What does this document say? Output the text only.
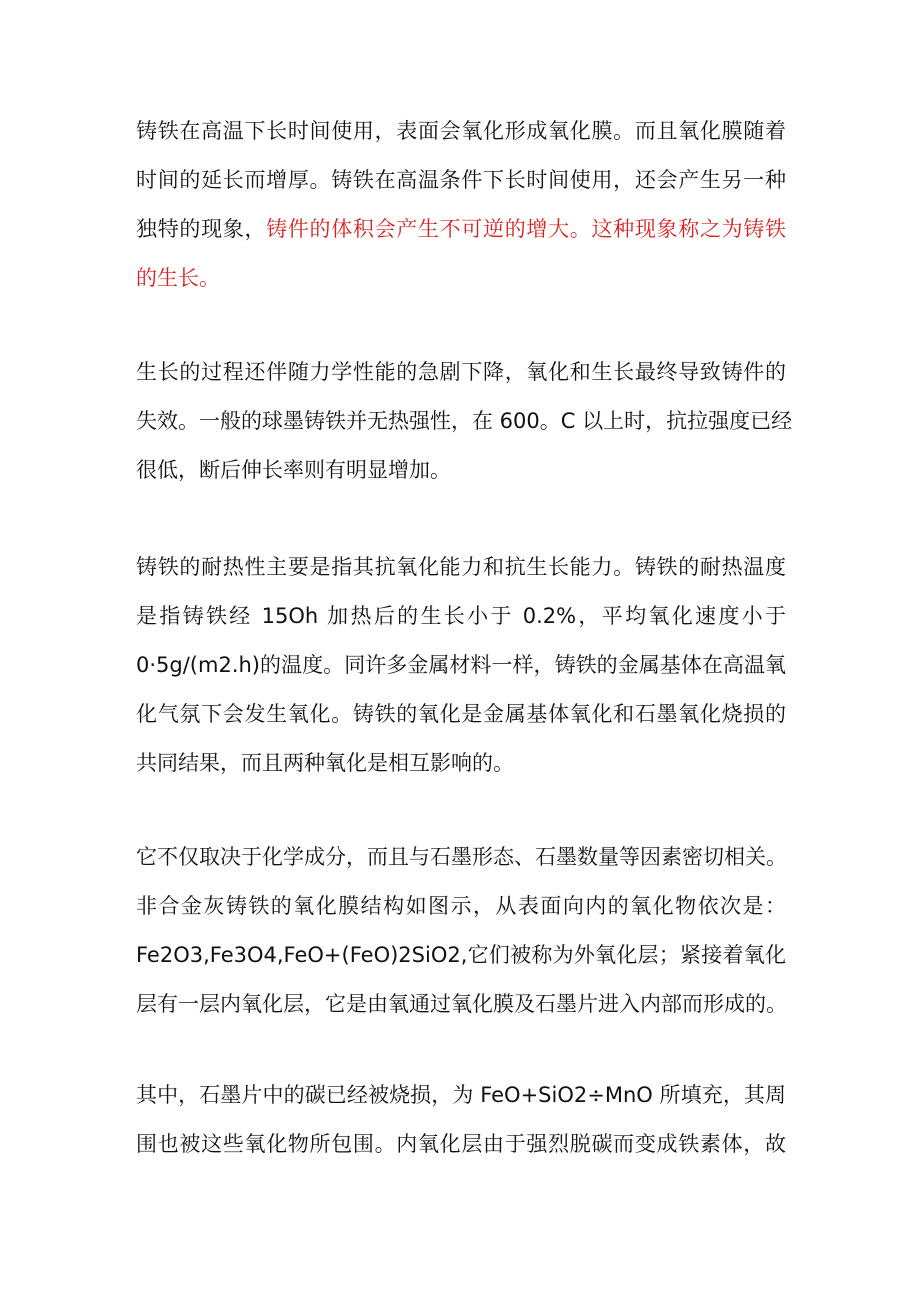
铸铁在高温下长时间使用，表面会氧化形成氧化膜。而且氧化膜随着
时间的延长而增厚。铸铁在高温条件下长时间使用，还会产生另一种
独特的现象，铸件的体积会产生不可逆的增大。这种现象称之为铸铁
的生长。
生长的过程还伴随力学性能的急剧下降，氧化和生长最终导致铸件的
失效。一般的球墨铸铁并无热强性，在 600。C 以上时，抗拉强度已经
很低，断后伸长率则有明显增加。
铸铁的耐热性主要是指其抗氧化能力和抗生长能力。铸铁的耐热温度
是指铸铁经 15Oh 加热后的生长小于 0.2%，平均氧化速度小于
0·5g∕(m2.h)的温度。同许多金属材料一样，铸铁的金属基体在高温氧
化气氛下会发生氧化。铸铁的氧化是金属基体氧化和石墨氧化烧损的
共同结果，而且两种氧化是相互影响的。
它不仅取决于化学成分，而且与石墨形态、石墨数量等因素密切相关。
非合金灰铸铁的氧化膜结构如图示，从表面向内的氧化物依次是：
Fe2O3,Fe3O4,FeO+(FeO)2SiO2,它们被称为外氧化层；紧接着氧化
层有一层内氧化层，它是由氧通过氧化膜及石墨片进入内部而形成的。
其中，石墨片中的碳已经被烧损，为 FeO+SiO2÷MnO 所填充，其周
围也被这些氧化物所包围。内氧化层由于强烈脱碳而变成铁素体，故
